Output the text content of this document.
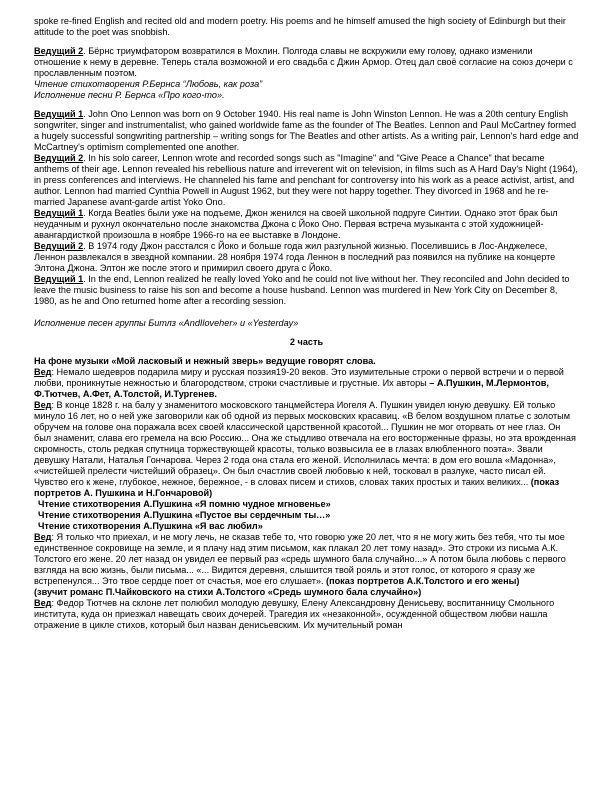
spoke re-fined English and recited old and modern poetry. His poems and he himself amused the high society of Edinburgh but their attitude to the poet was snobbish.

Ведущий 2. Бёрнс триумфатором возвратился в Мохлин. Полгода славы не вскружили ему голову, однако изменили отношение к нему в деревне. Теперь стала возможной и его свадьба с Джин Армор. Отец дал своё согласие на союз дочери с прославленным поэтом.

Чтение стихотворения Р.Бернса “Любовь, как роза”

Исполнение песни Р. Бернса «Про кого-то».

Ведущий 1. John Ono Lennon was born on 9 October 1940. His real name is John Winston Lennon. He was a 20th century English songwriter, singer and instrumentalist, who gained worldwide fame as the founder of The Beatles. Lennon and Paul McCartney formed a hugely successful songwriting partnership – writing songs for The Beatles and other artists. As a writing pair, Lennon's hard edge and McCartney's optimism complemented one another.

Ведущий 2. In his solo career, Lennon wrote and recorded songs such as "Imagine" and "Give Peace a Chance" that became anthems of their age. Lennon revealed his rebellious nature and irreverent wit on television, in films such as A Hard Day's Night (1964), in press conferences and interviews. He channeled his fame and penchant for controversy into his work as a peace activist, artist, and author. Lennon had married Cynthia Powell in August 1962, but they were not happy together. They divorced in 1968 and he re-married Japanese avant-garde artist Yoko Ono.

Ведущий 1. Когда Beatles были уже на подъеме, Джон женился на своей школьной подруге Синтии. Однако этот брак был неудачным и рухнул окончательно после знакомства Джона с Йоко Оно. Первая встреча музыканта с этой художницей-авангардисткой произошла в ноябре 1966-го на ее выставке в Лондоне.

Ведущий 2. В 1974 году Джон расстался с Йоко и больше года жил разгульной жизнью. Поселившись в Лос-Анджелесе, Леннон развлекался в звездной компании. 28 ноября 1974 года Леннон в последний раз появился на публике на концерте Элтона Джона. Элтон же после этого и примирил своего друга с Йоко.

Ведущий 1. In the end, Lennon realized he really loved Yoko and he could not live without her. They reconciled and John decided to leave the music business to raise his son and become a house husband. Lennon was murdered in New York City on December 8, 1980, as he and Ono returned home after a recording session.

Исполнение песен группы Битлз «AndIloveher» и «Yesterday»

2 часть

На фоне музыки «Мой ласковый и нежный зверь» ведущие говорят слова.

Вед: Немало шедевров подарила миру и русская поэзия19-20 веков. Это изумительные строки о первой встречи и о первой любви, проникнутые нежностью и благородством, строки счастливые и грустные. Их авторы – А.Пушкин, М.Лермонтов, Ф.Тютчев, А.Фет, А.Толстой, И.Тургенев.

Вед: В конце 1828 г. на балу у знаменитого московского танцмейстера Иогеля А. Пушкин увидел юную девушку. Ей только минуло 16 лет, но о ней уже заговорили как об одной из первых московских красавиц. «В белом воздушном платье с золотым обручем на голове она поражала всех своей классической царственной красотой... Пушкин не мог оторвать от нее глаз. Он был знаменит, слава его гремела на всю Россию... Она же стыдливо отвечала на его восторженные фразы, но эта врожденная скромность, столь редкая спутница торжествующей красоты, только возвысила ее в глазах влюбленного поэта». Звали девушку Натали, Наталья Гончарова. Через 2 года она стала его женой. Исполнилась мечта: в дом его вошла «Мадонна», «чистейшей прелести чистейший образец». Он был счастлив своей любовью к ней, тосковал в разлуке, часто писал ей. Чувство его к жене, глубокое, нежное, бережное, - в словах писем и стихов, словах таких простых и таких великих... (показ портретов А. Пушкина и Н.Гончаровой)

Чтение стихотворения А.Пушкина «Я помню чудное мгновенье»

Чтение стихотворения А.Пушкина «Пустое вы сердечным ты…»

Чтение стихотворения А.Пушкина «Я вас любил»

Вед: Я только что приехал, и не могу лечь, не сказав тебе то, что говорю уже 20 лет, что я не могу жить без тебя, что ты мое единственное сокровище на земле, и я плачу над этим письмом, как плакал 20 лет тому назад». Это строки из письма А.К. Толстого его жене. 20 лет назад он увидел ее первый раз «средь шумного бала случайно...» А потом была любовь с первого взгляда на всю жизнь, были письма... «... Видится деревня, слышится твой рояль и этот голос, от которого я сразу же встрепенулся... Это твое сердце поет от счастья, мое его слушает». (показ портретов А.К.Толстого и его жены)

(звучит романс П.Чайковского на стихи А.Толстого «Средь шумного бала случайно»)

Вед: Федор Тютчев на склоне лет полюбил молодую девушку, Елену Александровну Денисьеву, воспитанницу Смольного института, куда он приезжал навещать своих дочерей. Трагедия их «незаконной», осужденной обществом любви нашла отражение в цикле стихов, который был назван денисьевским. Их мучительный роман
